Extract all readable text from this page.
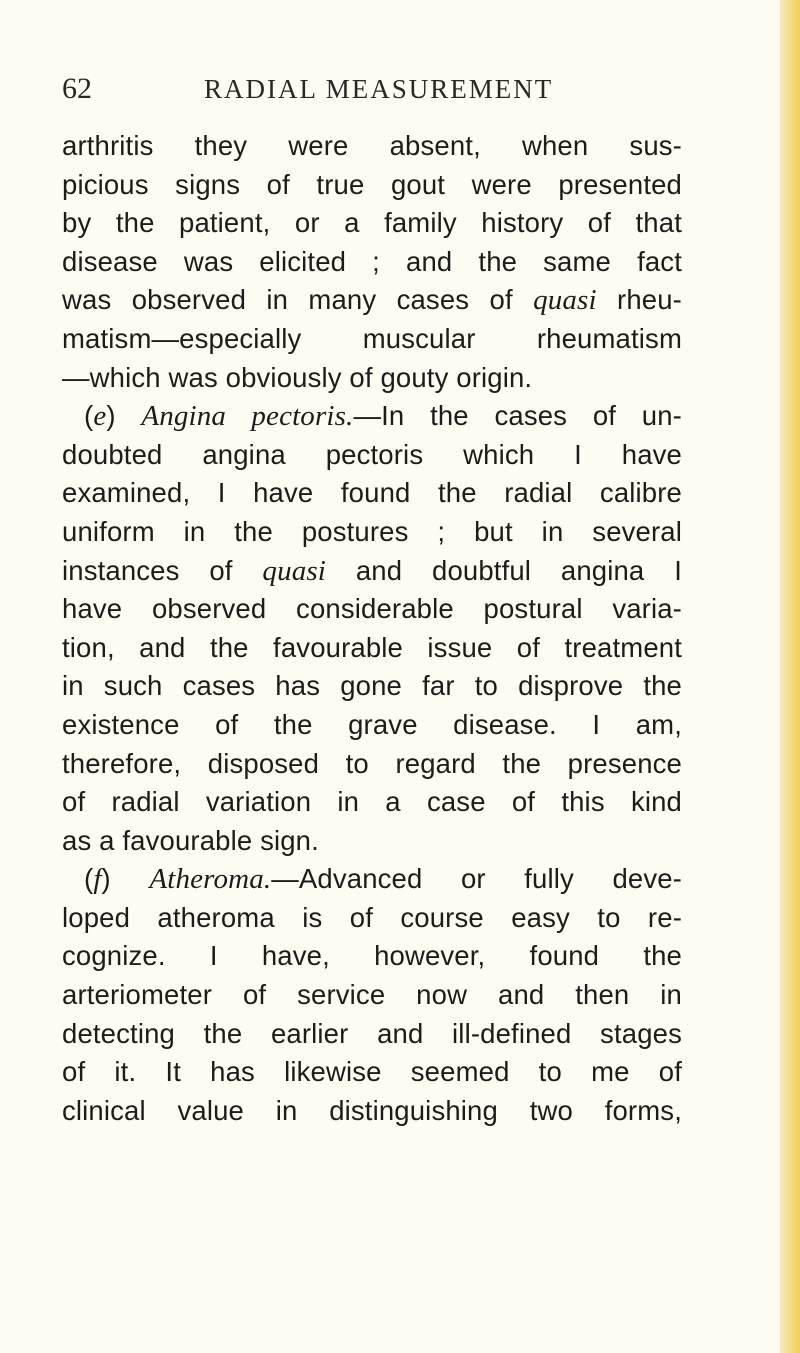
62	RADIAL MEASUREMENT
arthritis they were absent, when sus-
picious signs of true gout were presented
by the patient, or a family history of that
disease was elicited ; and the same fact
was observed in many cases of quasi rheu-
matism—especially muscular rheumatism
—which was obviously of gouty origin.
(e) Angina pectoris.—In the cases of un-
doubted angina pectoris which I have
examined, I have found the radial calibre
uniform in the postures ; but in several
instances of quasi and doubtful angina I
have observed considerable postural varia-
tion, and the favourable issue of treatment
in such cases has gone far to disprove the
existence of the grave disease. I am,
therefore, disposed to regard the presence
of radial variation in a case of this kind
as a favourable sign.
(f) Atheroma.—Advanced or fully deve-
loped atheroma is of course easy to re-
cognize. I have, however, found the
arteriometer of service now and then in
detecting the earlier and ill-defined stages
of it. It has likewise seemed to me of
clinical value in distinguishing two forms,
